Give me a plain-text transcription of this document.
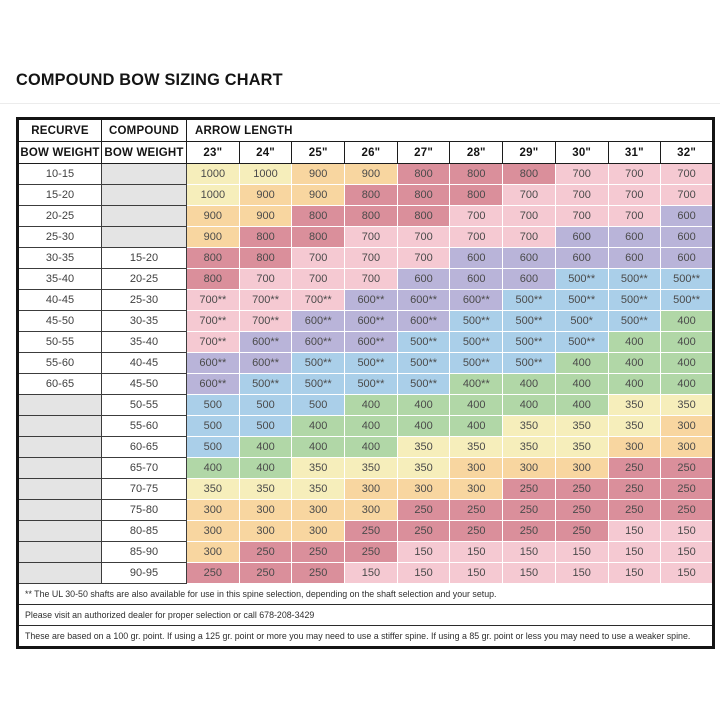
COMPOUND BOW SIZING CHART
RECURVE	COMPOUND	ARROW LENGTH									
BOW WEIGHT	BOW WEIGHT	23"	24"	25"	26"	27"	28"	29"	30"	31"	32"
10-15		1000	1000	900	900	800	800	800	700	700	700
15-20		1000	900	900	800	800	800	700	700	700	700
20-25		900	900	800	800	800	700	700	700	700	600
25-30		900	800	800	700	700	700	700	600	600	600
30-35	15-20	800	800	700	700	700	600	600	600	600	600
35-40	20-25	800	700	700	700	600	600	600	500**	500**	500**
40-45	25-30	700**	700**	700**	600**	600**	600**	500**	500**	500**	500**
45-50	30-35	700**	700**	600**	600**	600**	500**	500**	500*	500**	400
50-55	35-40	700**	600**	600**	600**	500**	500**	500**	500**	400	400
55-60	40-45	600**	600**	500**	500**	500**	500**	500**	400	400	400
60-65	45-50	600**	500**	500**	500**	500**	400**	400	400	400	400
	50-55	500	500	500	400	400	400	400	400	350	350
	55-60	500	500	400	400	400	400	350	350	350	300
	60-65	500	400	400	400	350	350	350	350	300	300
	65-70	400	400	350	350	350	300	300	300	250	250
	70-75	350	350	350	300	300	300	250	250	250	250
	75-80	300	300	300	300	250	250	250	250	250	250
	80-85	300	300	300	250	250	250	250	250	150	150
	85-90	300	250	250	250	150	150	150	150	150	150
	90-95	250	250	250	150	150	150	150	150	150	150
** The UL 30-50 shafts are also available for use in this spine selection, depending on the shaft selection and your setup.											
Please visit an authorized dealer for proper selection or call 678-208-3429											
These are based on a 100 gr. point. If using a 125 gr. point or more you may need to use a stiffer spine. If using a 85 gr. point or less you may need to use a weaker spine.											
